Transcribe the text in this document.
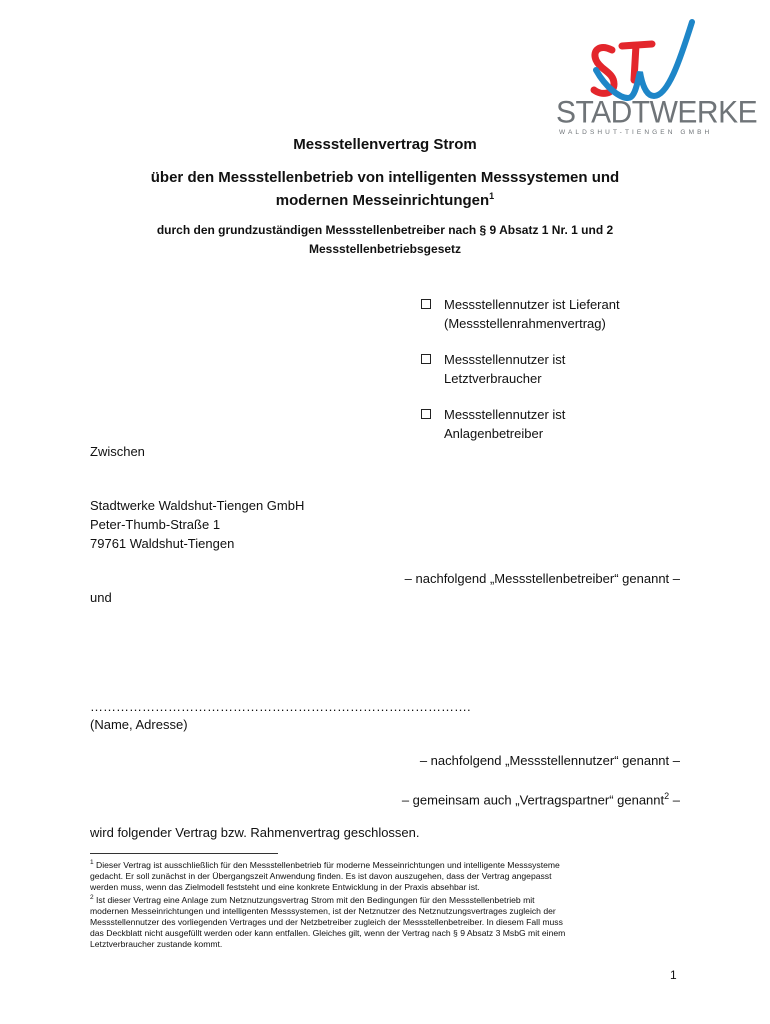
STADTWERKE
WALDSHUT-TIENGEN GMBH
Messstellenvertrag Strom
über den Messstellenbetrieb von intelligenten Messsystemen und
modernen Messeinrichtungen$^1$
durch den grundzuständigen Messstellenbetreiber nach § 9 Absatz 1 Nr. 1 und 2
Messstellenbetriebsgesetz
Messstellennutzer ist Lieferant
(Messstellenrahmenvertrag)
Messstellennutzer ist
Letztverbraucher
Messstellennutzer ist
Anlagenbetreiber
Zwischen
Stadtwerke Waldshut-Tiengen GmbH
Peter-Thumb-Straße 1
79761 Waldshut-Tiengen
– nachfolgend „Messstellenbetreiber“ genannt –
und
…………………………………………………………………………….
(Name, Adresse)
– nachfolgend „Messstellennutzer“ genannt –
– gemeinsam auch „Vertragspartner“ genannt$^2$ –
wird folgender Vertrag bzw. Rahmenvertrag geschlossen.
$^1$ Dieser Vertrag ist ausschließlich für den Messstellenbetrieb für moderne Messeinrichtungen und intelligente Messsysteme
gedacht. Er soll zunächst in der Übergangszeit Anwendung finden. Es ist davon auszugehen, dass der Vertrag angepasst
werden muss, wenn das Zielmodell feststeht und eine konkrete Entwicklung in der Praxis absehbar ist.
$^2$ Ist dieser Vertrag eine Anlage zum Netznutzungsvertrag Strom mit den Bedingungen für den Messstellenbetrieb mit
modernen Messeinrichtungen und intelligenten Messsystemen, ist der Netznutzer des Netznutzungsvertrages zugleich der
Messstellennutzer des vorliegenden Vertrages und der Netzbetreiber zugleich der Messstellenbetreiber. In diesem Fall muss
das Deckblatt nicht ausgefüllt werden oder kann entfallen. Gleiches gilt, wenn der Vertrag nach § 9 Absatz 3 MsbG mit einem
Letztverbraucher zustande kommt.
1
